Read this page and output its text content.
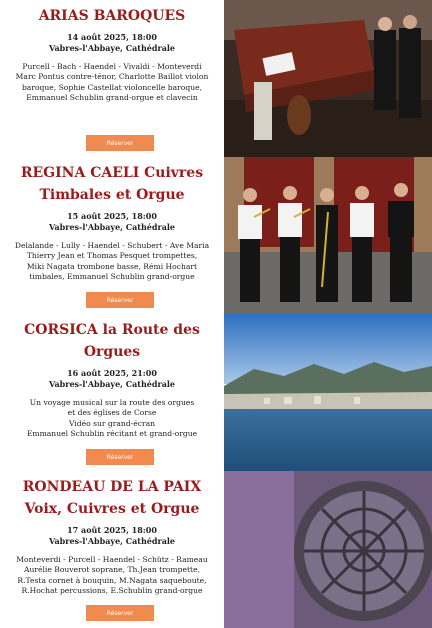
ARIAS BAROQUES
14 août 2025, 18:00
Vabres-l'Abbaye, Cathédrale
Purcell - Bach - Haendel - Vivaldi - Monteverdi
Marc Pontus contre-ténor, Charlotte Baillot violon
baroque, Sophie Castellat violoncelle baroque,
Emmanuel Schublin grand-orgue et clavecin
Réserver
REGINA CAELI Cuivres
Timbales et Orgue
15 août 2025, 18:00
Vabres-l'Abbaye, Cathédrale
Delalande - Lully - Haendel - Schubert - Ave Maria
Thierry Jean et Thomas Pesquet trompettes,
Miki Nagata trombone basse, Rémi Hochart
timbales, Emmanuel Schublin grand-orgue
Réserver
CORSICA la Route des
Orgues
16 août 2025, 21:00
Vabres-l'Abbaye, Cathédrale
Un voyage musical sur la route des orgues
et des églises de Corse
Vidéo sur grand-écran
Emmanuel Schublin récitant et grand-orgue
Réserver
RONDEAU DE LA PAIX
Voix, Cuivres et Orgue
17 août 2025, 18:00
Vabres-l'Abbaye, Cathédrale
Monteverdi - Purcell - Haendel - Schütz - Rameau
Aurélie Bouverot soprane, Th.Jean trompette,
R.Testa cornet à bouquin, M.Nagata saqueboute,
R.Hochat percussions, E.Schublin grand-orgue
Réserver
